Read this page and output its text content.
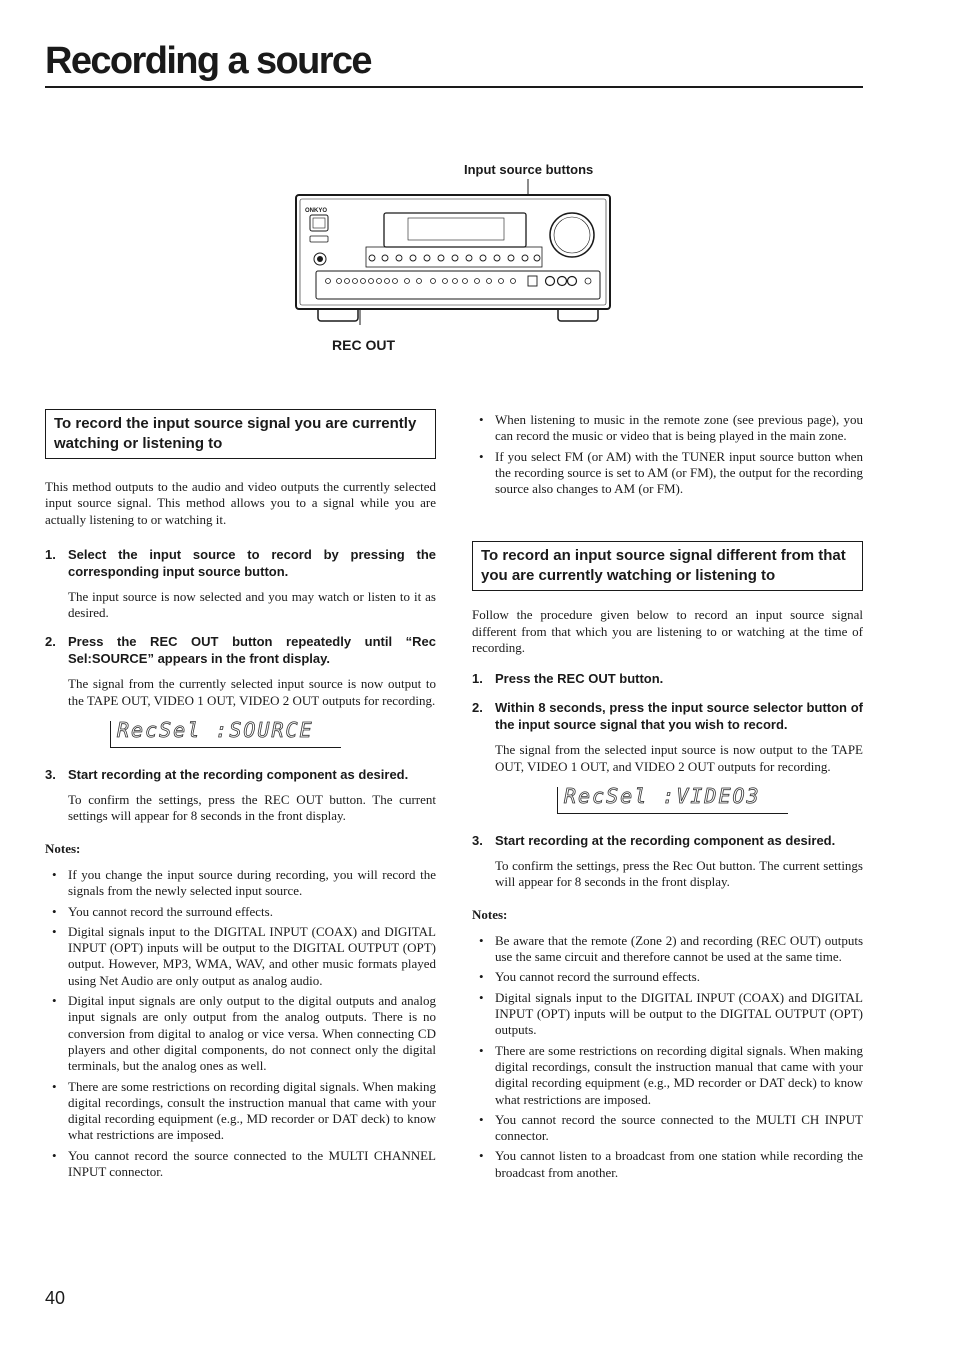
Recording a source
Input source buttons
REC OUT
ONKYO
To record the input source signal you are currently watching or listening to

This method outputs to the audio and video outputs the currently selected input source signal. This method allows you to a signal while you are actually listening to or watching it.

1. Select the input source to record by pressing the corresponding input source button.

The input source is now selected and you may watch or listen to it as desired.

2. Press the REC OUT button repeatedly until “Rec Sel:SOURCE” appears in the front display.

The signal from the currently selected input source is now output to the TAPE OUT, VIDEO 1 OUT, VIDEO 2 OUT outputs for recording.

RecSel :SOURCE
3. Start recording at the recording component as desired.

To confirm the settings, press the REC OUT button. The current settings will appear for 8 seconds in the front display.

Notes:
• If you change the input source during recording, you will record the signals from the newly selected input source.
• You cannot record the surround effects.
• Digital signals input to the DIGITAL INPUT (COAX) and DIGITAL INPUT (OPT) inputs will be output to the DIGITAL OUTPUT (OPT) output. However, MP3, WMA, WAV, and other music formats played using Net Audio are only output as analog audio.
• Digital input signals are only output to the digital outputs and analog input signals are only output from the analog outputs. There is no conversion from digital to analog or vice versa. When connecting CD players and other digital components, do not connect only the digital terminals, but the analog ones as well.
• There are some restrictions on recording digital signals. When making digital recordings, consult the instruction manual that came with your digital recording equipment (e.g., MD recorder or DAT deck) to know what restrictions are imposed.
• You cannot record the source connected to the MULTI CHANNEL INPUT connector.
• When listening to music in the remote zone (see previous page), you can record the music or video that is being played in the main zone.
• If you select FM (or AM) with the TUNER input source button when the recording source is set to AM (or FM), the output for the recording source also changes to AM (or FM).
To record an input source signal different from that you are currently watching or listening to

Follow the procedure given below to record an input source signal different from that which you are listening to or watching at the time of recording.

1. Press the REC OUT button.
2. Within 8 seconds, press the input source selector button of the input source signal that you wish to record.

The signal from the selected input source is now output to the TAPE OUT, VIDEO 1 OUT, and VIDEO 2 OUT outputs for recording.

RecSel :VIDEO3
3. Start recording at the recording component as desired.

To confirm the settings, press the Rec Out button. The current settings will appear for 8 seconds in the front display.

Notes:
• Be aware that the remote (Zone 2) and recording (REC OUT) outputs use the same circuit and therefore cannot be used at the same time.
• You cannot record the surround effects.
• Digital signals input to the DIGITAL INPUT (COAX) and DIGITAL INPUT (OPT) inputs will be output to the DIGITAL OUTPUT (OPT) outputs.
• There are some restrictions on recording digital signals. When making digital recordings, consult the instruction manual that came with your digital recording equipment (e.g., MD recorder or DAT deck) to know what restrictions are imposed.
• You cannot record the source connected to the MULTI CH INPUT connector.
• You cannot listen to a broadcast from one station while recording the broadcast from another.
40
